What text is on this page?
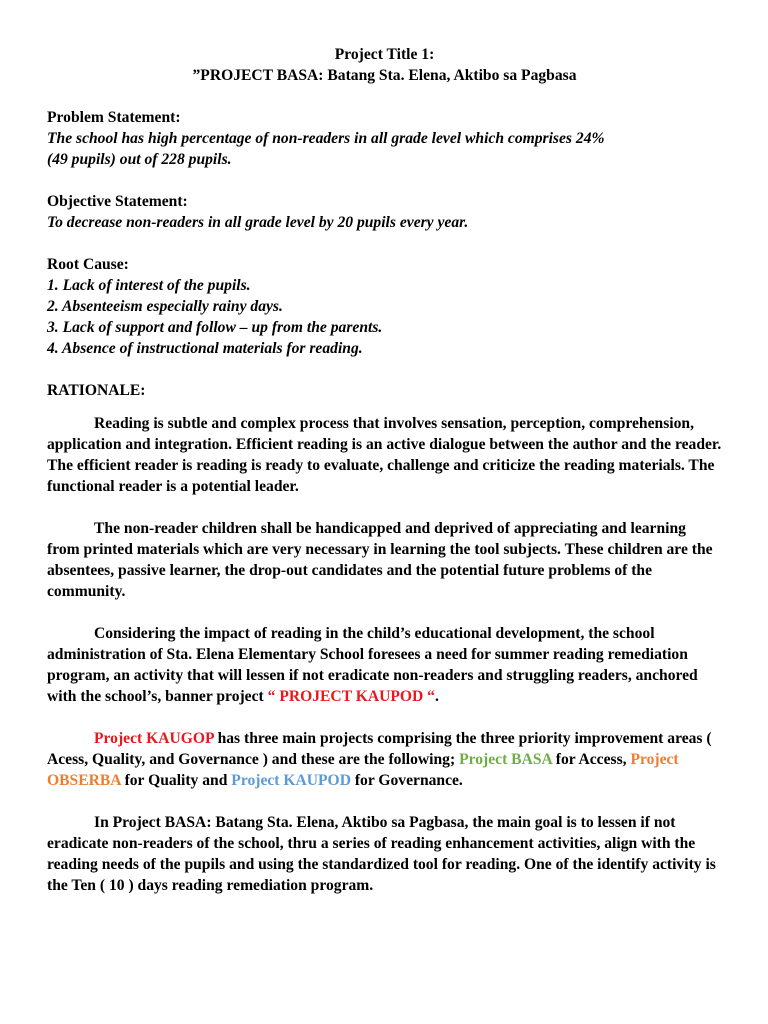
Project Title 1:

”PROJECT BASA: Batang Sta. Elena, Aktibo sa Pagbasa

Problem Statement:

The school has high percentage of non-readers in all grade level which comprises 24%

(49 pupils) out of 228 pupils.

Objective Statement:

To decrease non-readers in all grade level by 20 pupils every year.

Root Cause:

1. Lack of interest of the pupils.

2. Absenteeism especially rainy days.

3. Lack of support and follow – up from the parents.

4. Absence of instructional materials for reading.

RATIONALE:

Reading is subtle and complex process that involves sensation, perception, comprehension, application and integration. Efficient reading is an active dialogue between the author and the reader. The efficient reader is reading is ready to evaluate, challenge and criticize the reading materials. The functional reader is a potential leader.

The non-reader children shall be handicapped and deprived of appreciating and learning from printed materials which are very necessary in learning the tool subjects. These children are the absentees, passive learner, the drop-out candidates and the potential future problems of the community.

Considering the impact of reading in the child’s educational development, the school administration of Sta. Elena Elementary School foresees a need for summer reading remediation program, an activity that will lessen if not eradicate non-readers and struggling readers, anchored with the school’s, banner project “ PROJECT KAUPOD “.

Project KAUGOP has three main projects comprising the three priority improvement areas ( Acess, Quality, and Governance ) and these are the following; Project BASA for Access, Project OBSERBA for Quality and Project KAUPOD for Governance.

In Project BASA: Batang Sta. Elena, Aktibo sa Pagbasa, the main goal is to lessen if not eradicate non-readers of the school, thru a series of reading enhancement activities, align with the reading needs of the pupils and using the standardized tool for reading. One of the identify activity is the Ten ( 10 ) days reading remediation program.
